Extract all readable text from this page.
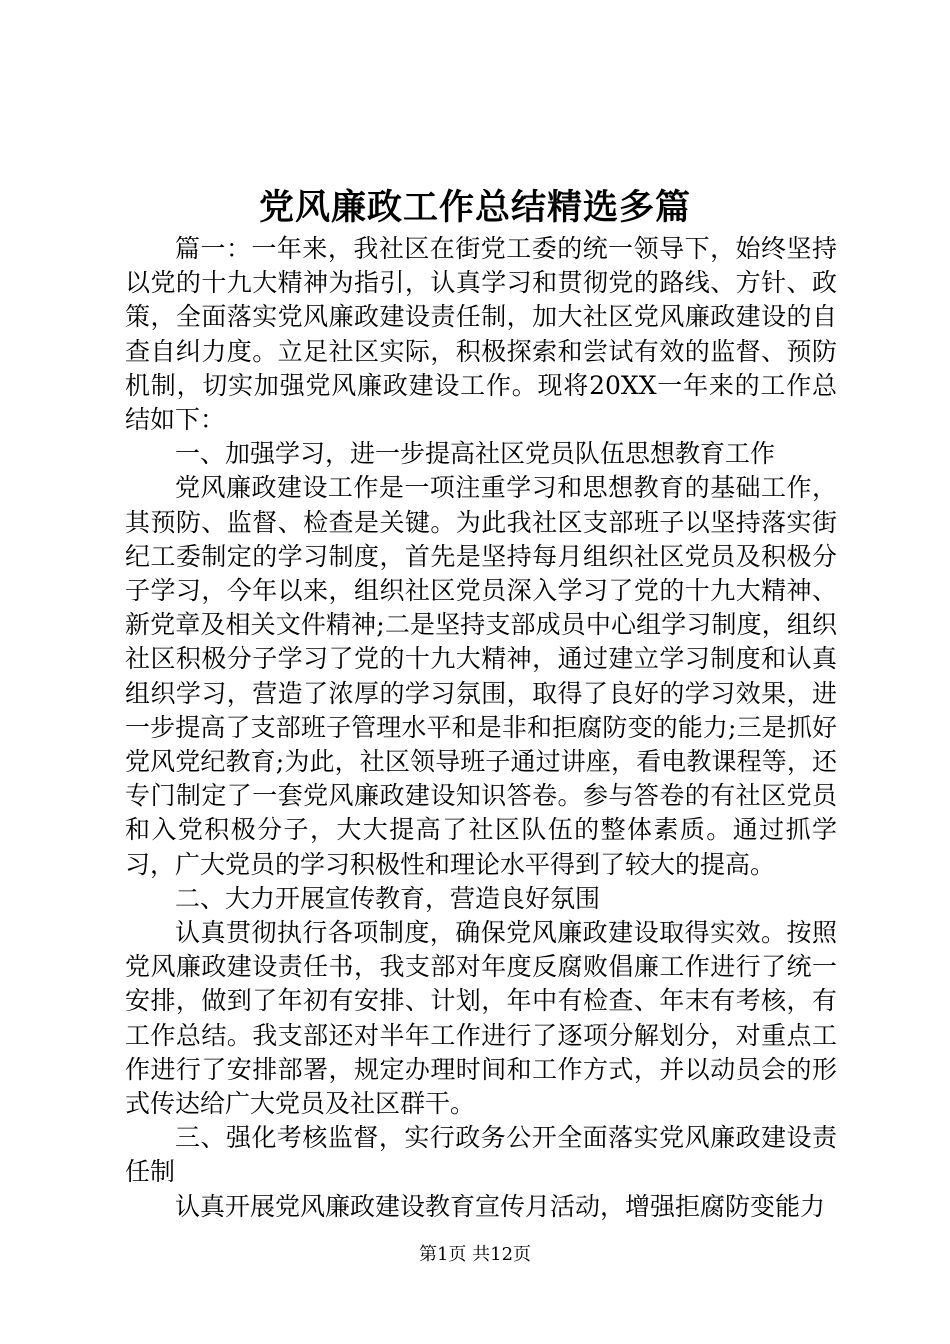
党风廉政工作总结精选多篇

篇一：一年来，我社区在街党工委的统一领导下，始终坚持以党的十九大精神为指引，认真学习和贯彻党的路线、方针、政策，全面落实党风廉政建设责任制，加大社区党风廉政建设的自查自纠力度。立足社区实际，积极探索和尝试有效的监督、预防机制，切实加强党风廉政建设工作。现将20XX一年来的工作总结如下：

一、加强学习，进一步提高社区党员队伍思想教育工作

党风廉政建设工作是一项注重学习和思想教育的基础工作，其预防、监督、检查是关键。为此我社区支部班子以坚持落实街纪工委制定的学习制度，首先是坚持每月组织社区党员及积极分子学习，今年以来，组织社区党员深入学习了党的十九大精神、新党章及相关文件精神;二是坚持支部成员中心组学习制度，组织社区积极分子学习了党的十九大精神，通过建立学习制度和认真组织学习，营造了浓厚的学习氛围，取得了良好的学习效果，进一步提高了支部班子管理水平和是非和拒腐防变的能力;三是抓好党风党纪教育;为此，社区领导班子通过讲座，看电教课程等，还专门制定了一套党风廉政建设知识答卷。参与答卷的有社区党员和入党积极分子，大大提高了社区队伍的整体素质。通过抓学习，广大党员的学习积极性和理论水平得到了较大的提高。

二、大力开展宣传教育，营造良好氛围

认真贯彻执行各项制度，确保党风廉政建设取得实效。按照党风廉政建设责任书，我支部对年度反腐败倡廉工作进行了统一安排，做到了年初有安排、计划，年中有检查、年末有考核，有工作总结。我支部还对半年工作进行了逐项分解划分，对重点工作进行了安排部署，规定办理时间和工作方式，并以动员会的形式传达给广大党员及社区群干。

三、强化考核监督，实行政务公开全面落实党风廉政建设责任制

认真开展党风廉政建设教育宣传月活动，增强拒腐防变能力

第1页 共12页
